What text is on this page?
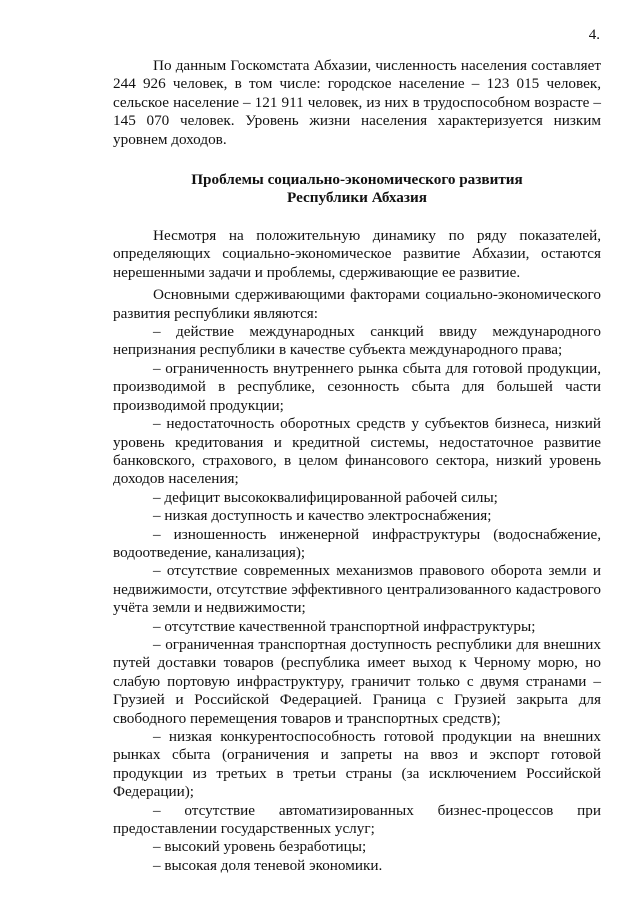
4.

По данным Госкомстата Абхазии, численность населения составляет 244 926 человек, в том числе: городское население – 123 015 человек, сельское население – 121 911 человек, из них в трудоспособном возрасте – 145 070 человек. Уровень жизни населения характеризуется низким уровнем доходов.

Проблемы социально-экономического развития
Республики Абхазия

Несмотря на положительную динамику по ряду показателей, определяющих социально-экономическое развитие Абхазии, остаются нерешенными задачи и проблемы, сдерживающие ее развитие.

Основными сдерживающими факторами социально-экономического развития республики являются:

– действие международных санкций ввиду международного непризнания республики в качестве субъекта международного права;

– ограниченность внутреннего рынка сбыта для готовой продукции, производимой в республике, сезонность сбыта для большей части производимой продукции;

– недостаточность оборотных средств у субъектов бизнеса, низкий уровень кредитования и кредитной системы, недостаточное развитие банковского, страхового, в целом финансового сектора, низкий уровень доходов населения;

– дефицит высококвалифицированной рабочей силы;

– низкая доступность и качество электроснабжения;

– изношенность инженерной инфраструктуры (водоснабжение, водоотведение, канализация);

– отсутствие современных механизмов правового оборота земли и недвижимости, отсутствие эффективного централизованного кадастрового учёта земли и недвижимости;

– отсутствие качественной транспортной инфраструктуры;

– ограниченная транспортная доступность республики для внешних путей доставки товаров (республика имеет выход к Черному морю, но слабую портовую инфраструктуру, граничит только с двумя странами – Грузией и Российской Федерацией. Граница с Грузией закрыта для свободного перемещения товаров и транспортных средств);

– низкая конкурентоспособность готовой продукции на внешних рынках сбыта (ограничения и запреты на ввоз и экспорт готовой продукции из третьих в третьи страны (за исключением Российской Федерации);

– отсутствие автоматизированных бизнес-процессов при предоставлении государственных услуг;

– высокий уровень безработицы;

– высокая доля теневой экономики.
